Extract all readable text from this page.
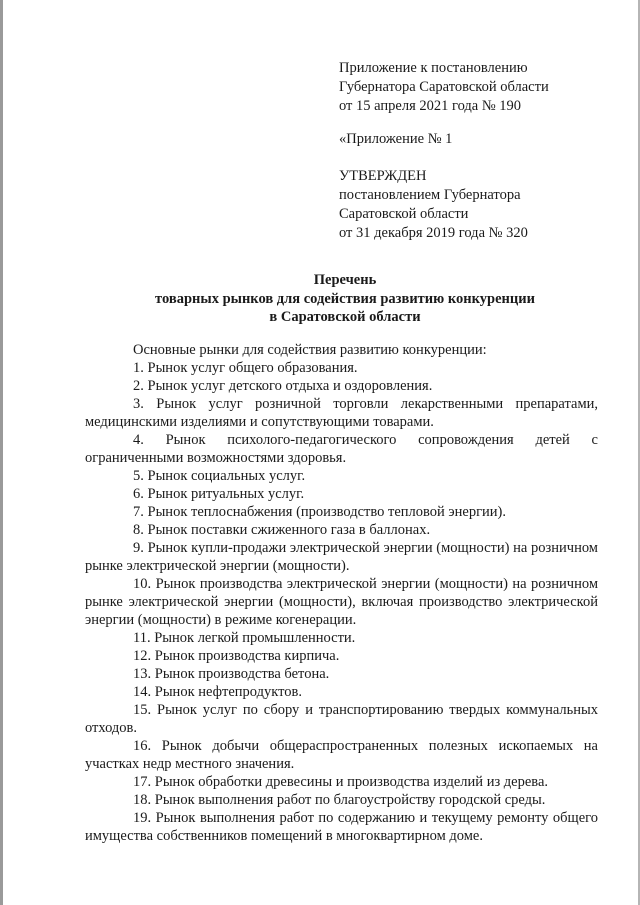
Приложение к постановлению
Губернатора Саратовской области
от 15 апреля 2021 года № 190
«Приложение № 1
УТВЕРЖДЕН
постановлением Губернатора
Саратовской области
от 31 декабря 2019 года № 320
Перечень
товарных рынков для содействия развитию конкуренции
в Саратовской области
Основные рынки для содействия развитию конкуренции:
1. Рынок услуг общего образования.
2. Рынок услуг детского отдыха и оздоровления.
3. Рынок услуг розничной торговли лекарственными препаратами, медицинскими изделиями и сопутствующими товарами.
4. Рынок психолого-педагогического сопровождения детей с ограниченными возможностями здоровья.
5. Рынок социальных услуг.
6. Рынок ритуальных услуг.
7. Рынок теплоснабжения (производство тепловой энергии).
8. Рынок поставки сжиженного газа в баллонах.
9. Рынок купли-продажи электрической энергии (мощности) на розничном рынке электрической энергии (мощности).
10. Рынок производства электрической энергии (мощности) на розничном рынке электрической энергии (мощности), включая производство электрической энергии (мощности) в режиме когенерации.
11. Рынок легкой промышленности.
12. Рынок производства кирпича.
13. Рынок производства бетона.
14. Рынок нефтепродуктов.
15. Рынок услуг по сбору и транспортированию твердых коммунальных отходов.
16. Рынок добычи общераспространенных полезных ископаемых на участках недр местного значения.
17. Рынок обработки древесины и производства изделий из дерева.
18. Рынок выполнения работ по благоустройству городской среды.
19. Рынок выполнения работ по содержанию и текущему ремонту общего имущества собственников помещений в многоквартирном доме.
